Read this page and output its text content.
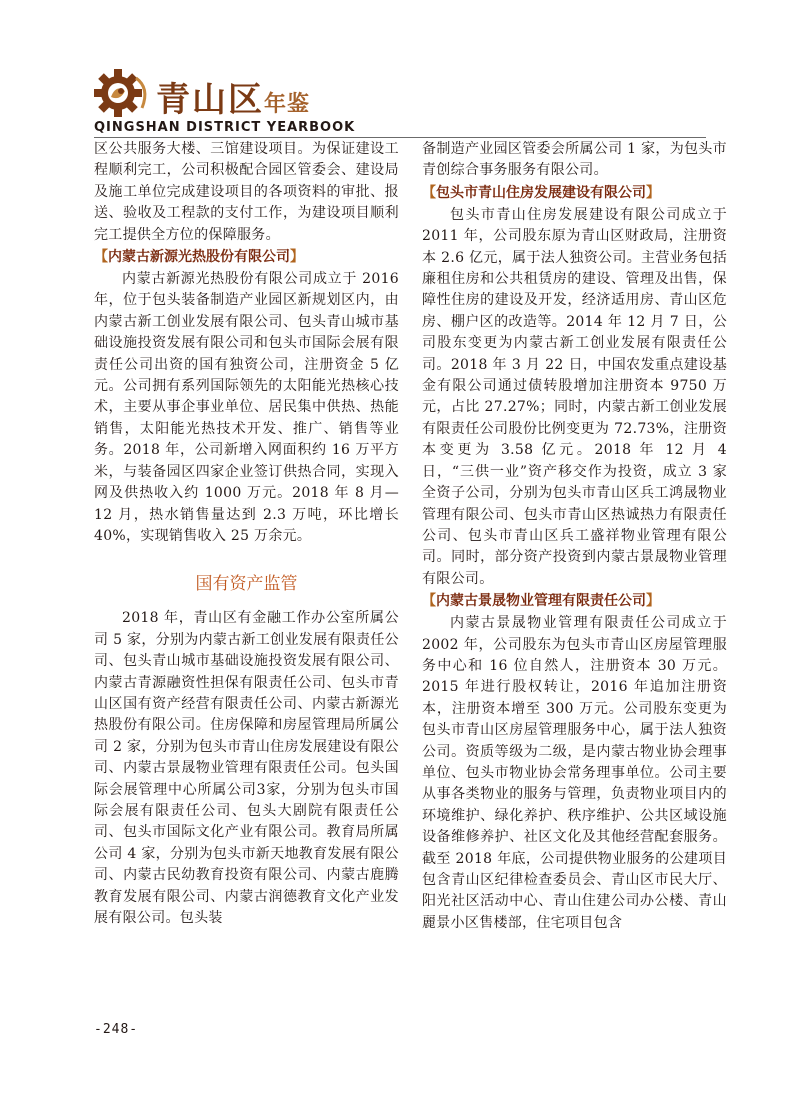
青山区年鉴
QINGSHAN DISTRICT YEARBOOK

区公共服务大楼、三馆建设项目。为保证建设工程顺利完工，公司积极配合园区管委会、建设局及施工单位完成建设项目的各项资料的审批、报送、验收及工程款的支付工作，为建设项目顺利完工提供全方位的保障服务。

【内蒙古新源光热股份有限公司】

内蒙古新源光热股份有限公司成立于 2016 年，位于包头装备制造产业园区新规划区内，由内蒙古新工创业发展有限公司、包头青山城市基础设施投资发展有限公司和包头市国际会展有限责任公司出资的国有独资公司，注册资金 5 亿元。公司拥有系列国际领先的太阳能光热核心技术，主要从事企事业单位、居民集中供热、热能销售，太阳能光热技术开发、推广、销售等业务。2018 年，公司新增入网面积约 16 万平方米，与装备园区四家企业签订供热合同，实现入网及供热收入约 1000 万元。2018 年 8 月—12 月，热水销售量达到 2.3 万吨，环比增长 40%，实现销售收入 25 万余元。

国有资产监管

2018 年，青山区有金融工作办公室所属公司 5 家，分别为内蒙古新工创业发展有限责任公司、包头青山城市基础设施投资发展有限公司、内蒙古青源融资性担保有限责任公司、包头市青山区国有资产经营有限责任公司、内蒙古新源光热股份有限公司。住房保障和房屋管理局所属公司 2 家，分别为包头市青山住房发展建设有限公司、内蒙古景晟物业管理有限责任公司。包头国际会展管理中心所属公司3家，分别为包头市国际会展有限责任公司、包头大剧院有限责任公司、包头市国际文化产业有限公司。教育局所属公司 4 家，分别为包头市新天地教育发展有限公司、内蒙古民幼教育投资有限公司、内蒙古鹿腾教育发展有限公司、内蒙古润德教育文化产业发展有限公司。包头装

备制造产业园区管委会所属公司 1 家，为包头市青创综合事务服务有限公司。

【包头市青山住房发展建设有限公司】

包头市青山住房发展建设有限公司成立于 2011 年，公司股东原为青山区财政局，注册资本 2.6 亿元，属于法人独资公司。主营业务包括廉租住房和公共租赁房的建设、管理及出售，保障性住房的建设及开发，经济适用房、青山区危房、棚户区的改造等。2014 年 12 月 7 日，公司股东变更为内蒙古新工创业发展有限责任公司。2018 年 3 月 22 日，中国农发重点建设基金有限公司通过债转股增加注册资本 9750 万元，占比 27.27%；同时，内蒙古新工创业发展有限责任公司股份比例变更为 72.73%，注册资本变更为 3.58 亿元。2018 年 12 月 4 日，“三供一业”资产移交作为投资，成立 3 家全资子公司，分别为包头市青山区兵工鸿晟物业管理有限公司、包头市青山区热诚热力有限责任公司、包头市青山区兵工盛祥物业管理有限公司。同时，部分资产投资到内蒙古景晟物业管理有限公司。

【内蒙古景晟物业管理有限责任公司】

内蒙古景晟物业管理有限责任公司成立于 2002 年，公司股东为包头市青山区房屋管理服务中心和 16 位自然人，注册资本 30 万元。2015 年进行股权转让，2016 年追加注册资本，注册资本增至 300 万元。公司股东变更为包头市青山区房屋管理服务中心，属于法人独资公司。资质等级为二级，是内蒙古物业协会理事单位、包头市物业协会常务理事单位。公司主要从事各类物业的服务与管理，负责物业项目内的环境维护、绿化养护、秩序维护、公共区域设施设备维修养护、社区文化及其他经营配套服务。截至 2018 年底，公司提供物业服务的公建项目包含青山区纪律检查委员会、青山区市民大厅、阳光社区活动中心、青山住建公司办公楼、青山麗景小区售楼部，住宅项目包含

-248-
